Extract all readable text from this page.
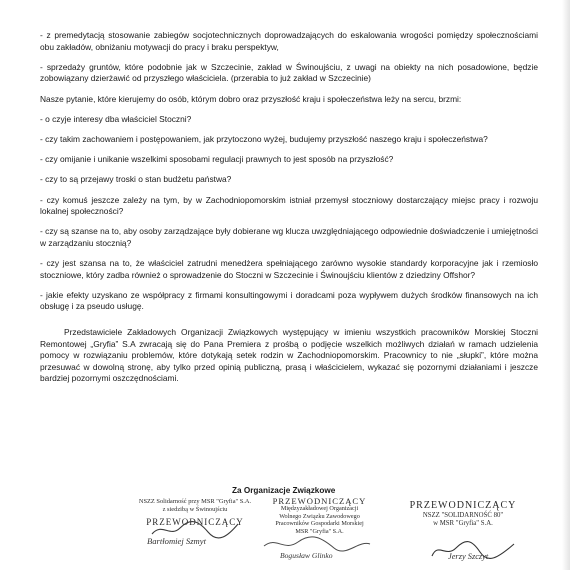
- z premedytacją stosowanie zabiegów socjotechnicznych doprowadzających do eskalowania wrogości pomiędzy społecznościami obu zakładów, obniżaniu motywacji do pracy i braku perspektyw,

- sprzedaży gruntów, które podobnie jak w Szczecinie, zakład w Świnoujściu, z uwagi na obiekty na nich posadowione, będzie zobowiązany dzierżawić od przyszłego właściciela. (przerabia to już zakład w Szczecinie)

Nasze pytanie, które kierujemy do osób, którym dobro oraz przyszłość kraju i społeczeństwa leży na sercu, brzmi:

- o czyje interesy dba właściciel Stoczni?

- czy takim zachowaniem i postępowaniem, jak przytoczono wyżej, budujemy przyszłość naszego kraju i społeczeństwa?

- czy omijanie i unikanie wszelkimi sposobami regulacji prawnych to jest sposób na przyszłość?

- czy to są przejawy troski o stan budżetu państwa?

- czy komuś jeszcze zależy na tym, by w Zachodniopomorskim istniał przemysł stoczniowy dostarczający miejsc pracy i rozwoju lokalnej społeczności?

- czy są szanse na to, aby osoby zarządzające były dobierane wg klucza uwzględniającego odpowiednie doświadczenie i umiejętności w zarządzaniu stocznią?

- czy jest szansa na to, że właściciel zatrudni menedżera spełniającego zarówno wysokie standardy korporacyjne jak i rzemiosło stoczniowe, który zadba również o sprowadzenie do Stoczni w Szczecinie i Świnoujściu klientów z dziedziny Offshor?

- jakie efekty uzyskano ze współpracy z firmami konsultingowymi i doradcami poza wypływem dużych środków finansowych na ich obsługę i za pseudo usługę.

Przedstawiciele Zakładowych Organizacji Związkowych występujący w imieniu wszystkich pracowników Morskiej Stoczni Remontowej „Gryfia” S.A zwracają się do Pana Premiera z prośbą o podjęcie wszelkich możliwych działań w ramach udzielenia pomocy w rozwiązaniu problemów, które dotykają setek rodzin w Zachodniopomorskim. Pracownicy to nie „słupki”, które można przesuwać w dowolną stronę, aby tylko przed opinią publiczną, prasą i właścicielem, wykazać się pozornymi działaniami i jeszcze bardziej pozornymi oszczędnościami.

Za Organizacje Związkowe
NSZZ Solidarność przy MSR "Gryfia" S.A.
z siedzibą w Świnoujściu
PRZEWODNICZĄCY
Bartłomiej Szmyt
PRZEWODNICZĄCY
Międzyzakładowej Organizacji
Wolnego Związku Zawodowego
Pracowników Gospodarki Morskiej
MSR "Gryfia" S.A.
Bogusław Glinko
PRZEWODNICZĄCY
NSZZ "SOLIDARNOŚĆ 80"
w MSR "Gryfia" S.A.
Jerzy Szczyt
